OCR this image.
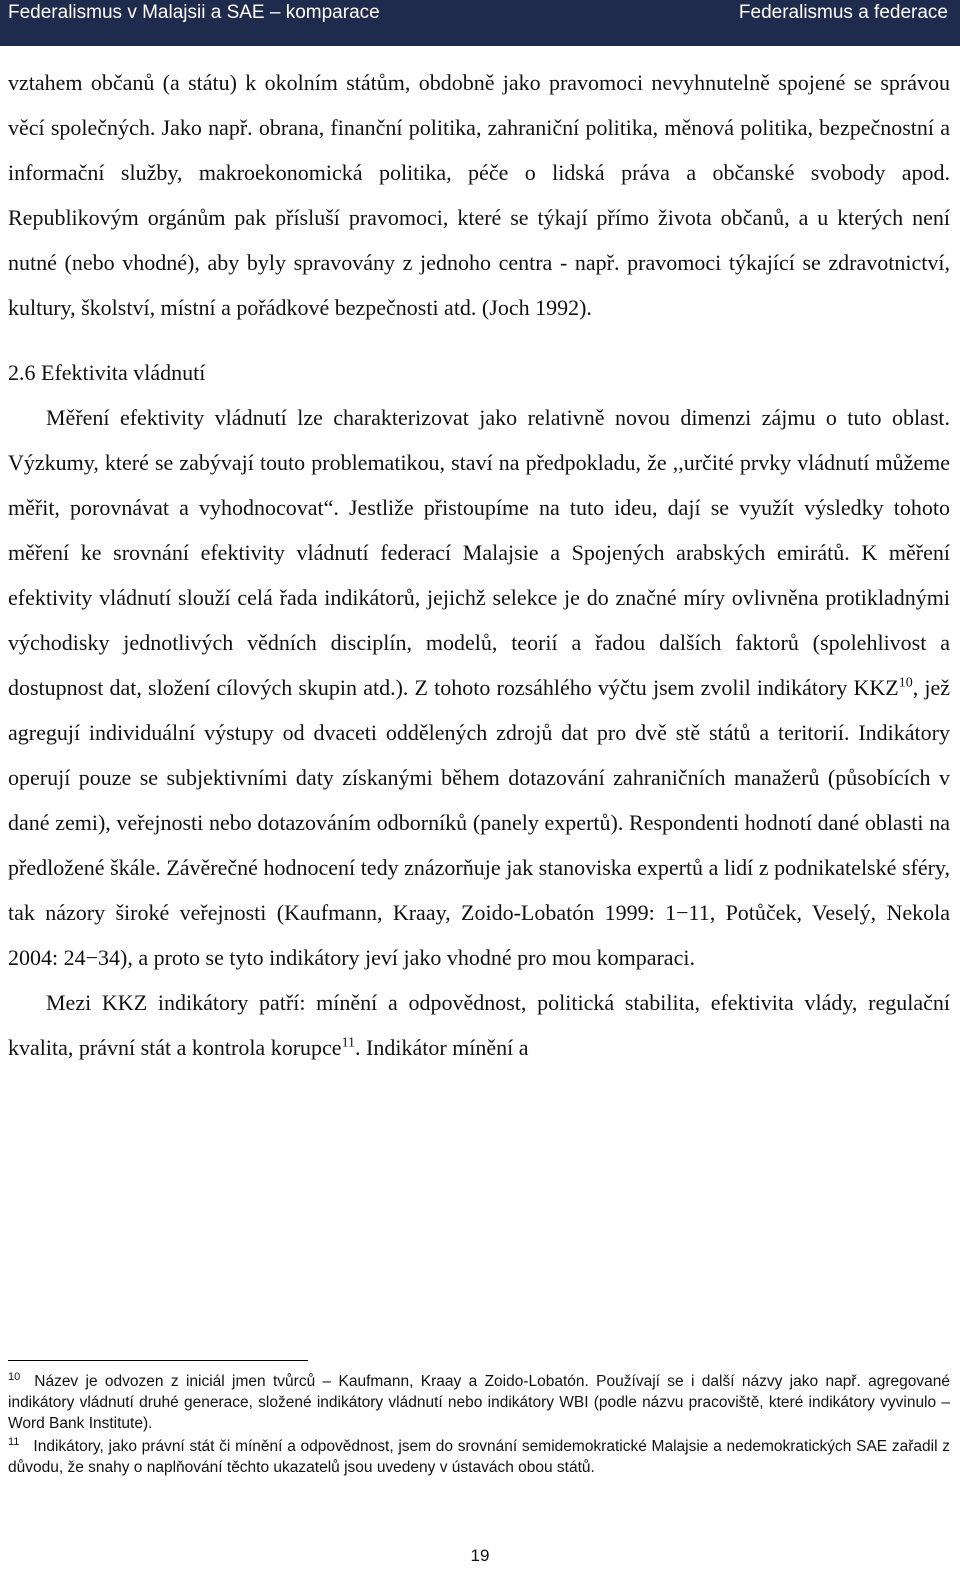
Federalismus v Malajsii a SAE – komparace	Federalismus a federace

vztahem občanů (a státu) k okolním státům, obdobně jako pravomoci nevyhnutelně spojené se správou věcí společných. Jako např. obrana, finanční politika, zahraniční politika, měnová politika, bezpečnostní a informační služby, makroekonomická politika, péče o lidská práva a občanské svobody apod. Republikovým orgánům pak přísluší pravomoci, které se týkají přímo života občanů, a u kterých není nutné (nebo vhodné), aby byly spravovány z jednoho centra - např. pravomoci týkající se zdravotnictví, kultury, školství, místní a pořádkové bezpečnosti atd. (Joch 1992).

2.6 Efektivita vládnutí

Měření efektivity vládnutí lze charakterizovat jako relativně novou dimenzi zájmu o tuto oblast. Výzkumy, které se zabývají touto problematikou, staví na předpokladu, že ,,určité prvky vládnutí můžeme měřit, porovnávat a vyhodnocovat“. Jestliže přistoupíme na tuto ideu, dají se využít výsledky tohoto měření ke srovnání efektivity vládnutí federací Malajsie a Spojených arabských emirátů. K měření efektivity vládnutí slouží celá řada indikátorů, jejichž selekce je do značné míry ovlivněna protikladnými východisky jednotlivých vědních disciplín, modelů, teorií a řadou dalších faktorů (spolehlivost a dostupnost dat, složení cílových skupin atd.). Z tohoto rozsáhlého výčtu jsem zvolil indikátory KKZ$^{10}$, jež agregují individuální výstupy od dvaceti oddělených zdrojů dat pro dvě stě států a teritorií. Indikátory operují pouze se subjektivními daty získanými během dotazování zahraničních manažerů (působících v dané zemi), veřejnosti nebo dotazováním odborníků (panely expertů). Respondenti hodnotí dané oblasti na předložené škále. Závěrečné hodnocení tedy znázorňuje jak stanoviska expertů a lidí z podnikatelské sféry, tak názory široké veřejnosti (Kaufmann, Kraay, Zoido-Lobatón 1999: 1−11, Potůček, Veselý, Nekola 2004: 24−34), a proto se tyto indikátory jeví jako vhodné pro mou komparaci.

Mezi KKZ indikátory patří: mínění a odpovědnost, politická stabilita, efektivita vlády, regulační kvalita, právní stát a kontrola korupce$^{11}$. Indikátor mínění a

$^{10}$ Název je odvozen z iniciál jmen tvůrců – Kaufmann, Kraay a Zoido-Lobatón. Používají se i další názvy jako např. agregované indikátory vládnutí druhé generace, složené indikátory vládnutí nebo indikátory WBI (podle názvu pracoviště, které indikátory vyvinulo – Word Bank Institute).

$^{11}$ Indikátory, jako právní stát či mínění a odpovědnost, jsem do srovnání semidemokratické Malajsie a nedemokratických SAE zařadil z důvodu, že snahy o naplňování těchto ukazatelů jsou uvedeny v ústavách obou států.

19
